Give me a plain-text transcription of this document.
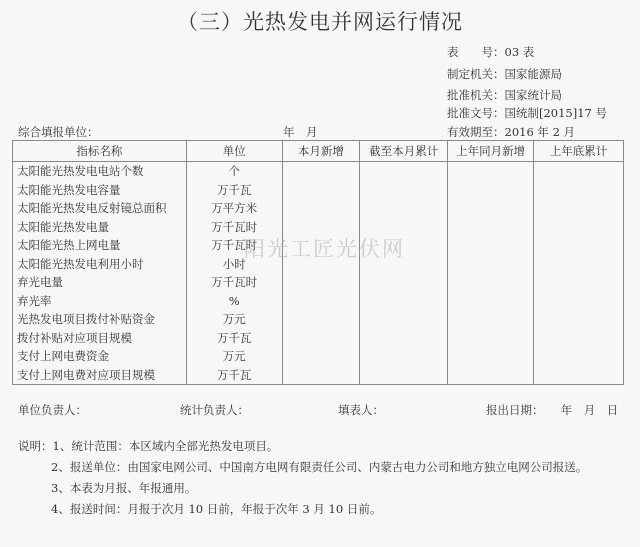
（三）光热发电并网运行情况
表　　号：03 表
制定机关：国家能源局
批准机关：国家统计局
批准文号：国统制[2015]17 号
有效期至：2016 年 2 月
综合填报单位：	年　月
指标名称	单位	本月新增	截至本月累计	上年同月新增	上年底累计
太阳能光热发电电站个数	个				
太阳能光热发电容量	万千瓦				
太阳能光热发电反射镜总面积	万平方米				
太阳能光热发电量	万千瓦时				
太阳能光热上网电量	万千瓦时				
太阳能光热发电利用小时	小时				
弃光电量	万千瓦时				
弃光率	%				
光热发电项目拨付补贴资金	万元				
拨付补贴对应项目规模	万千瓦				
支付上网电费资金	万元				
支付上网电费对应项目规模	万千瓦				
阳光工匠光伏网
单位负责人：	统计负责人：	填表人：	报出日期：　　年　月　日
说明：1、统计范围：本区域内全部光热发电项目。
2、报送单位：由国家电网公司、中国南方电网有限责任公司、内蒙古电力公司和地方独立电网公司报送。
3、本表为月报、年报通用。
4、报送时间：月报于次月 10 日前，年报于次年 3 月 10 日前。
